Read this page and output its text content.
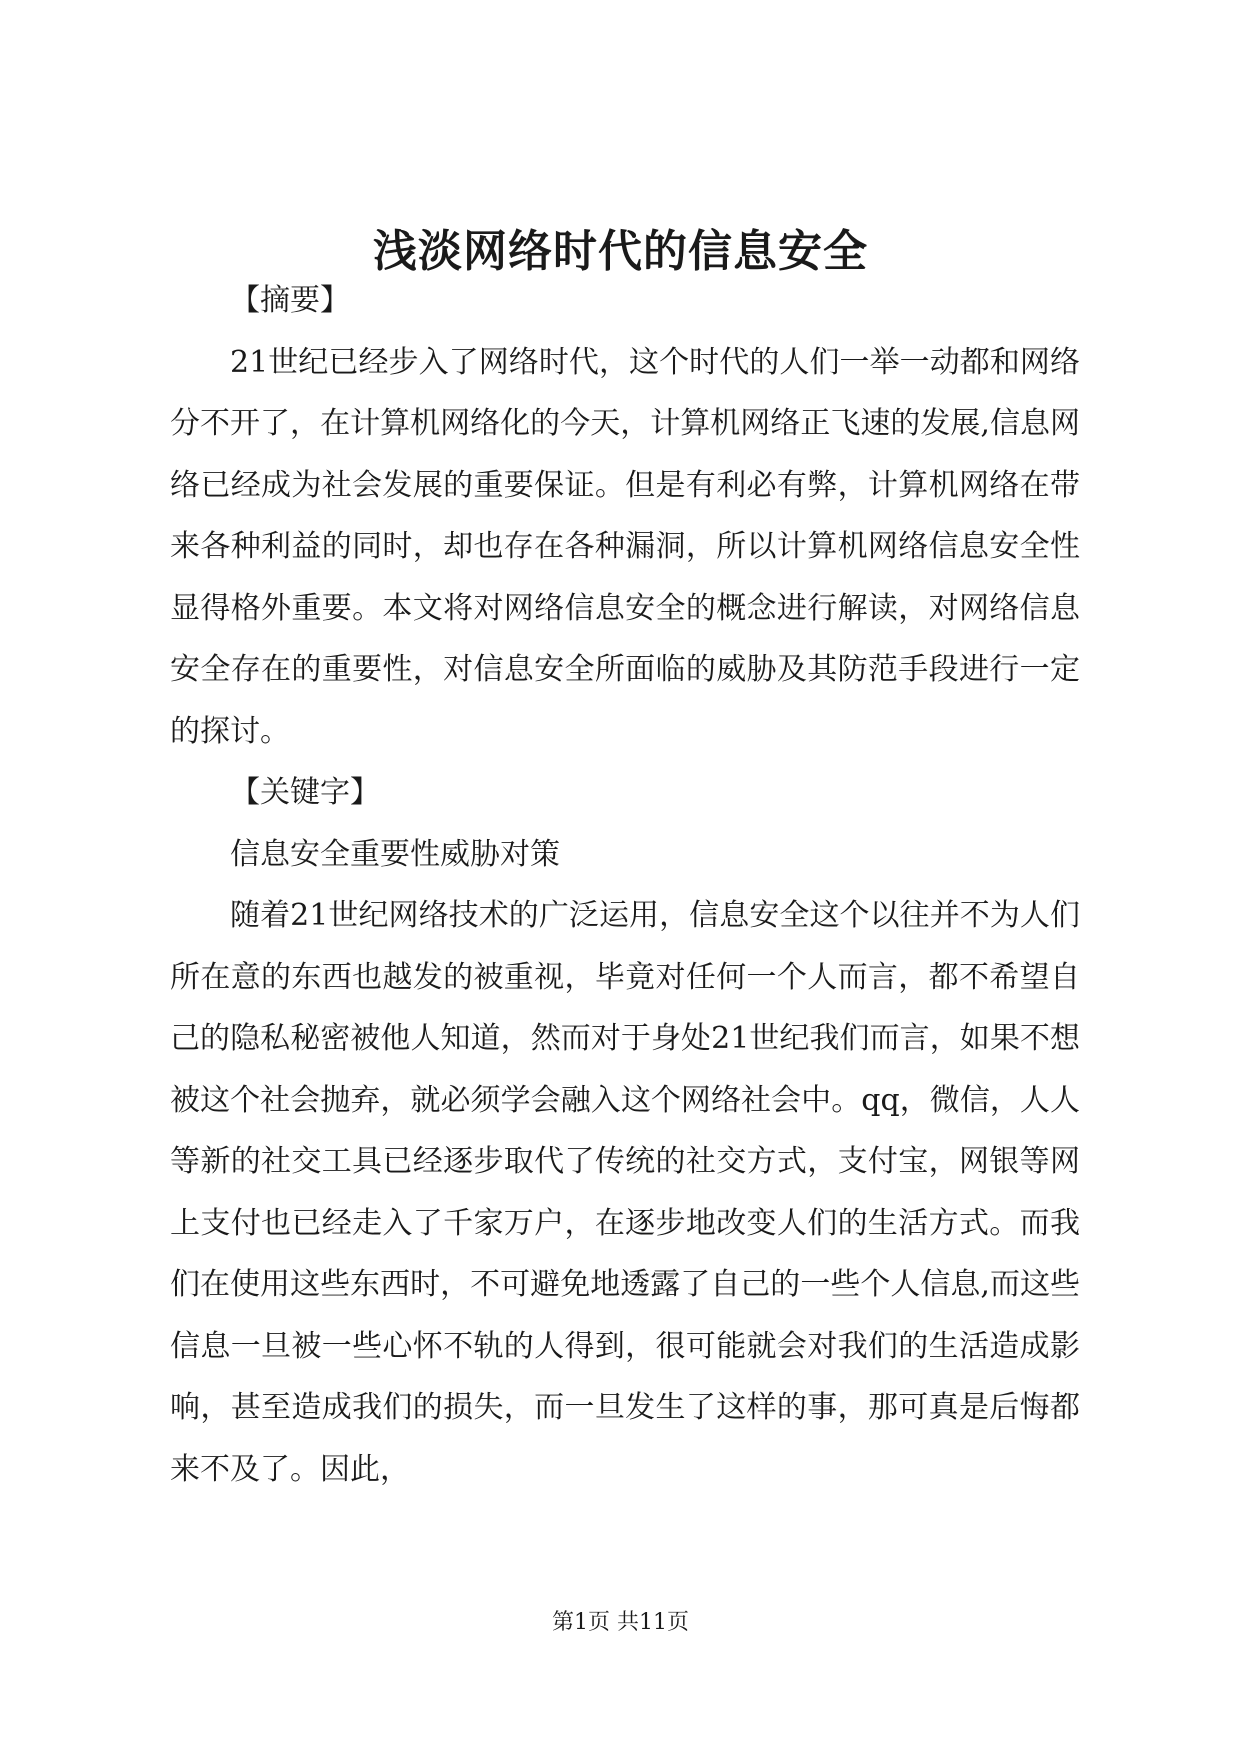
浅淡网络时代的信息安全

【摘要】

21世纪已经步入了网络时代，这个时代的人们一举一动都和网络分不开了，在计算机网络化的今天，计算机网络正飞速的发展,信息网络已经成为社会发展的重要保证。但是有利必有弊，计算机网络在带来各种利益的同时，却也存在各种漏洞，所以计算机网络信息安全性显得格外重要。本文将对网络信息安全的概念进行解读，对网络信息安全存在的重要性，对信息安全所面临的威胁及其防范手段进行一定的探讨。

【关键字】

信息安全重要性威胁对策

随着21世纪网络技术的广泛运用，信息安全这个以往并不为人们所在意的东西也越发的被重视，毕竟对任何一个人而言，都不希望自己的隐私秘密被他人知道，然而对于身处21世纪我们而言，如果不想被这个社会抛弃，就必须学会融入这个网络社会中。qq，微信，人人等新的社交工具已经逐步取代了传统的社交方式，支付宝，网银等网上支付也已经走入了千家万户，在逐步地改变人们的生活方式。而我们在使用这些东西时，不可避免地透露了自己的一些个人信息,而这些信息一旦被一些心怀不轨的人得到，很可能就会对我们的生活造成影响，甚至造成我们的损失，而一旦发生了这样的事，那可真是后悔都来不及了。因此，

第1页 共11页
